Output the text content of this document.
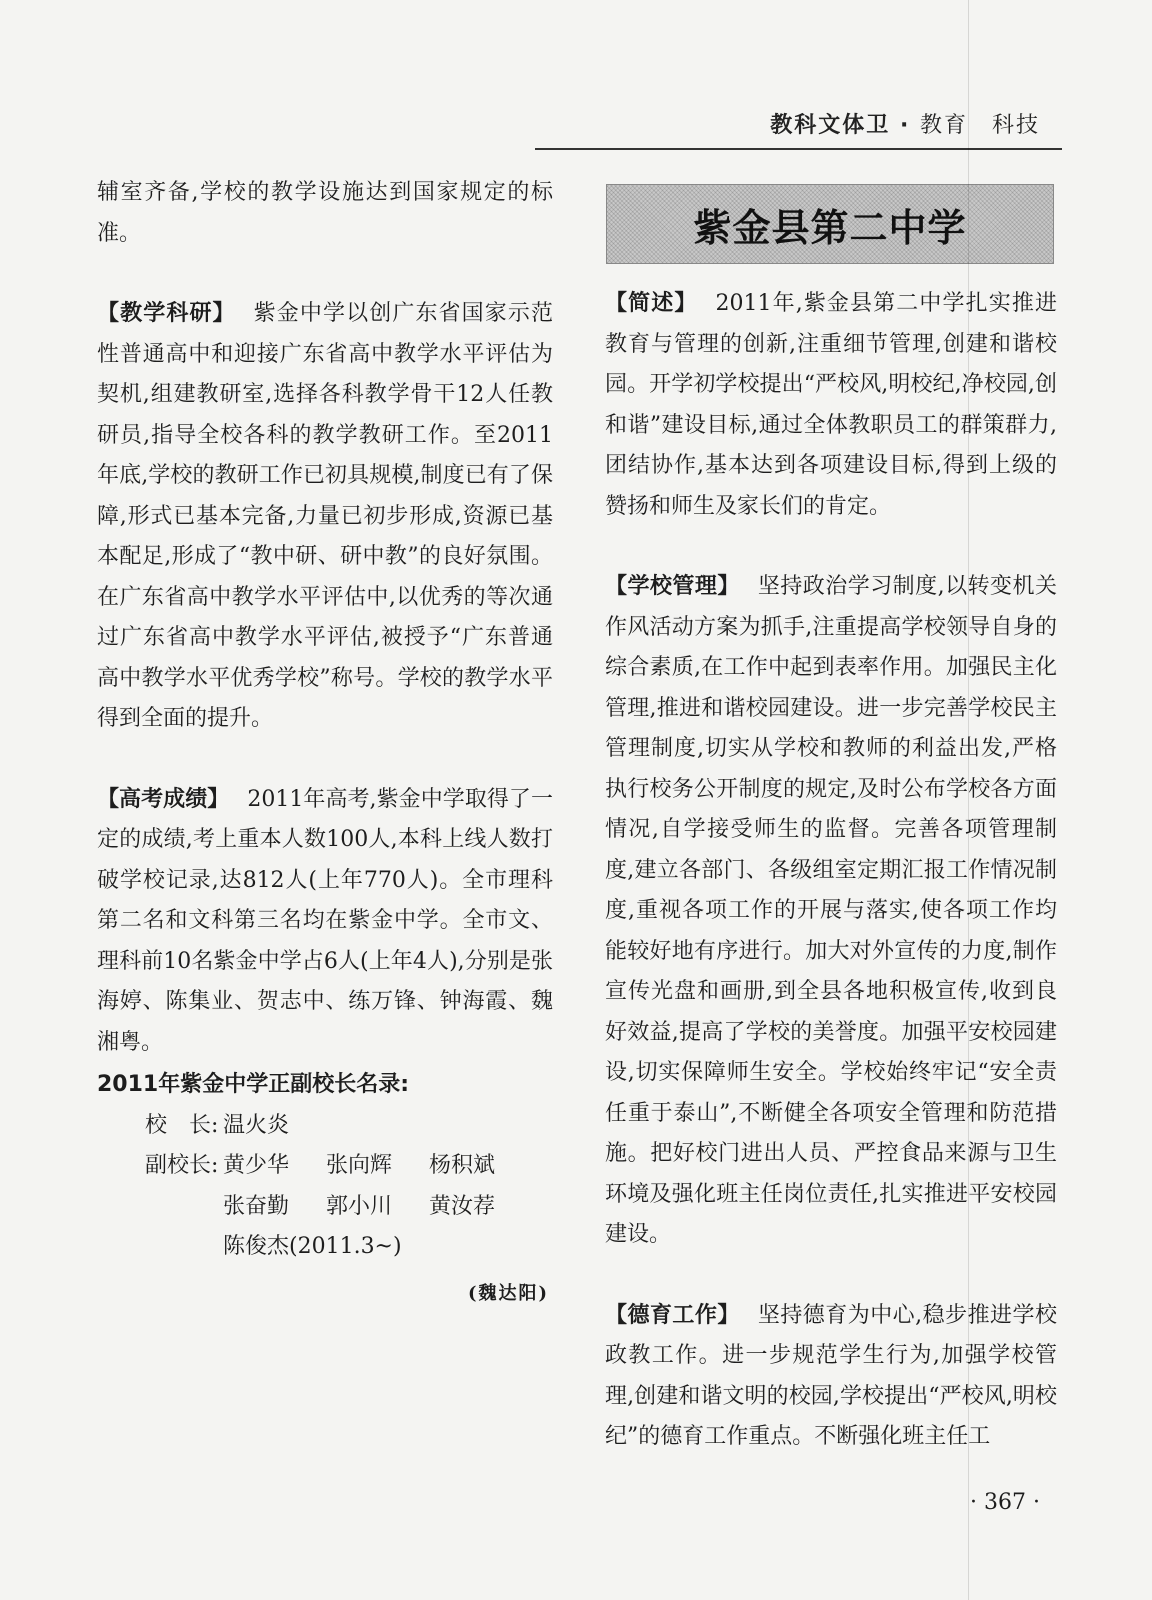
教科文体卫 · 教育　科技

辅室齐备,学校的教学设施达到国家规定的标准。

【教学科研】 紫金中学以创广东省国家示范性普通高中和迎接广东省高中教学水平评估为契机,组建教研室,选择各科教学骨干12人任教研员,指导全校各科的教学教研工作。至2011年底,学校的教研工作已初具规模,制度已有了保障,形式已基本完备,力量已初步形成,资源已基本配足,形成了“教中研、研中教”的良好氛围。在广东省高中教学水平评估中,以优秀的等次通过广东省高中教学水平评估,被授予“广东普通高中教学水平优秀学校”称号。学校的教学水平得到全面的提升。

【高考成绩】 2011年高考,紫金中学取得了一定的成绩,考上重本人数100人,本科上线人数打破学校记录,达812人(上年770人)。全市理科第二名和文科第三名均在紫金中学。全市文、理科前10名紫金中学占6人(上年4人),分别是张海婷、陈集业、贺志中、练万锋、钟海霞、魏湘粤。

2011年紫金中学正副校长名录:
校　长: 温火炎
副校长: 黄少华 张向辉 杨积斌
张奋勤 郭小川 黄汝荐
陈俊杰(2011.3~)
(魏达阳)
紫金县第二中学

【简述】 2011年,紫金县第二中学扎实推进教育与管理的创新,注重细节管理,创建和谐校园。开学初学校提出“严校风,明校纪,净校园,创和谐”建设目标,通过全体教职员工的群策群力,团结协作,基本达到各项建设目标,得到上级的赞扬和师生及家长们的肯定。

【学校管理】 坚持政治学习制度,以转变机关作风活动方案为抓手,注重提高学校领导自身的综合素质,在工作中起到表率作用。加强民主化管理,推进和谐校园建设。进一步完善学校民主管理制度,切实从学校和教师的利益出发,严格执行校务公开制度的规定,及时公布学校各方面情况,自学接受师生的监督。完善各项管理制度,建立各部门、各级组室定期汇报工作情况制度,重视各项工作的开展与落实,使各项工作均能较好地有序进行。加大对外宣传的力度,制作宣传光盘和画册,到全县各地积极宣传,收到良好效益,提高了学校的美誉度。加强平安校园建设,切实保障师生安全。学校始终牢记“安全责任重于泰山”,不断健全各项安全管理和防范措施。把好校门进出人员、严控食品来源与卫生环境及强化班主任岗位责任,扎实推进平安校园建设。

【德育工作】 坚持德育为中心,稳步推进学校政教工作。进一步规范学生行为,加强学校管理,创建和谐文明的校园,学校提出“严校风,明校纪”的德育工作重点。不断强化班主任工

· 367 ·
